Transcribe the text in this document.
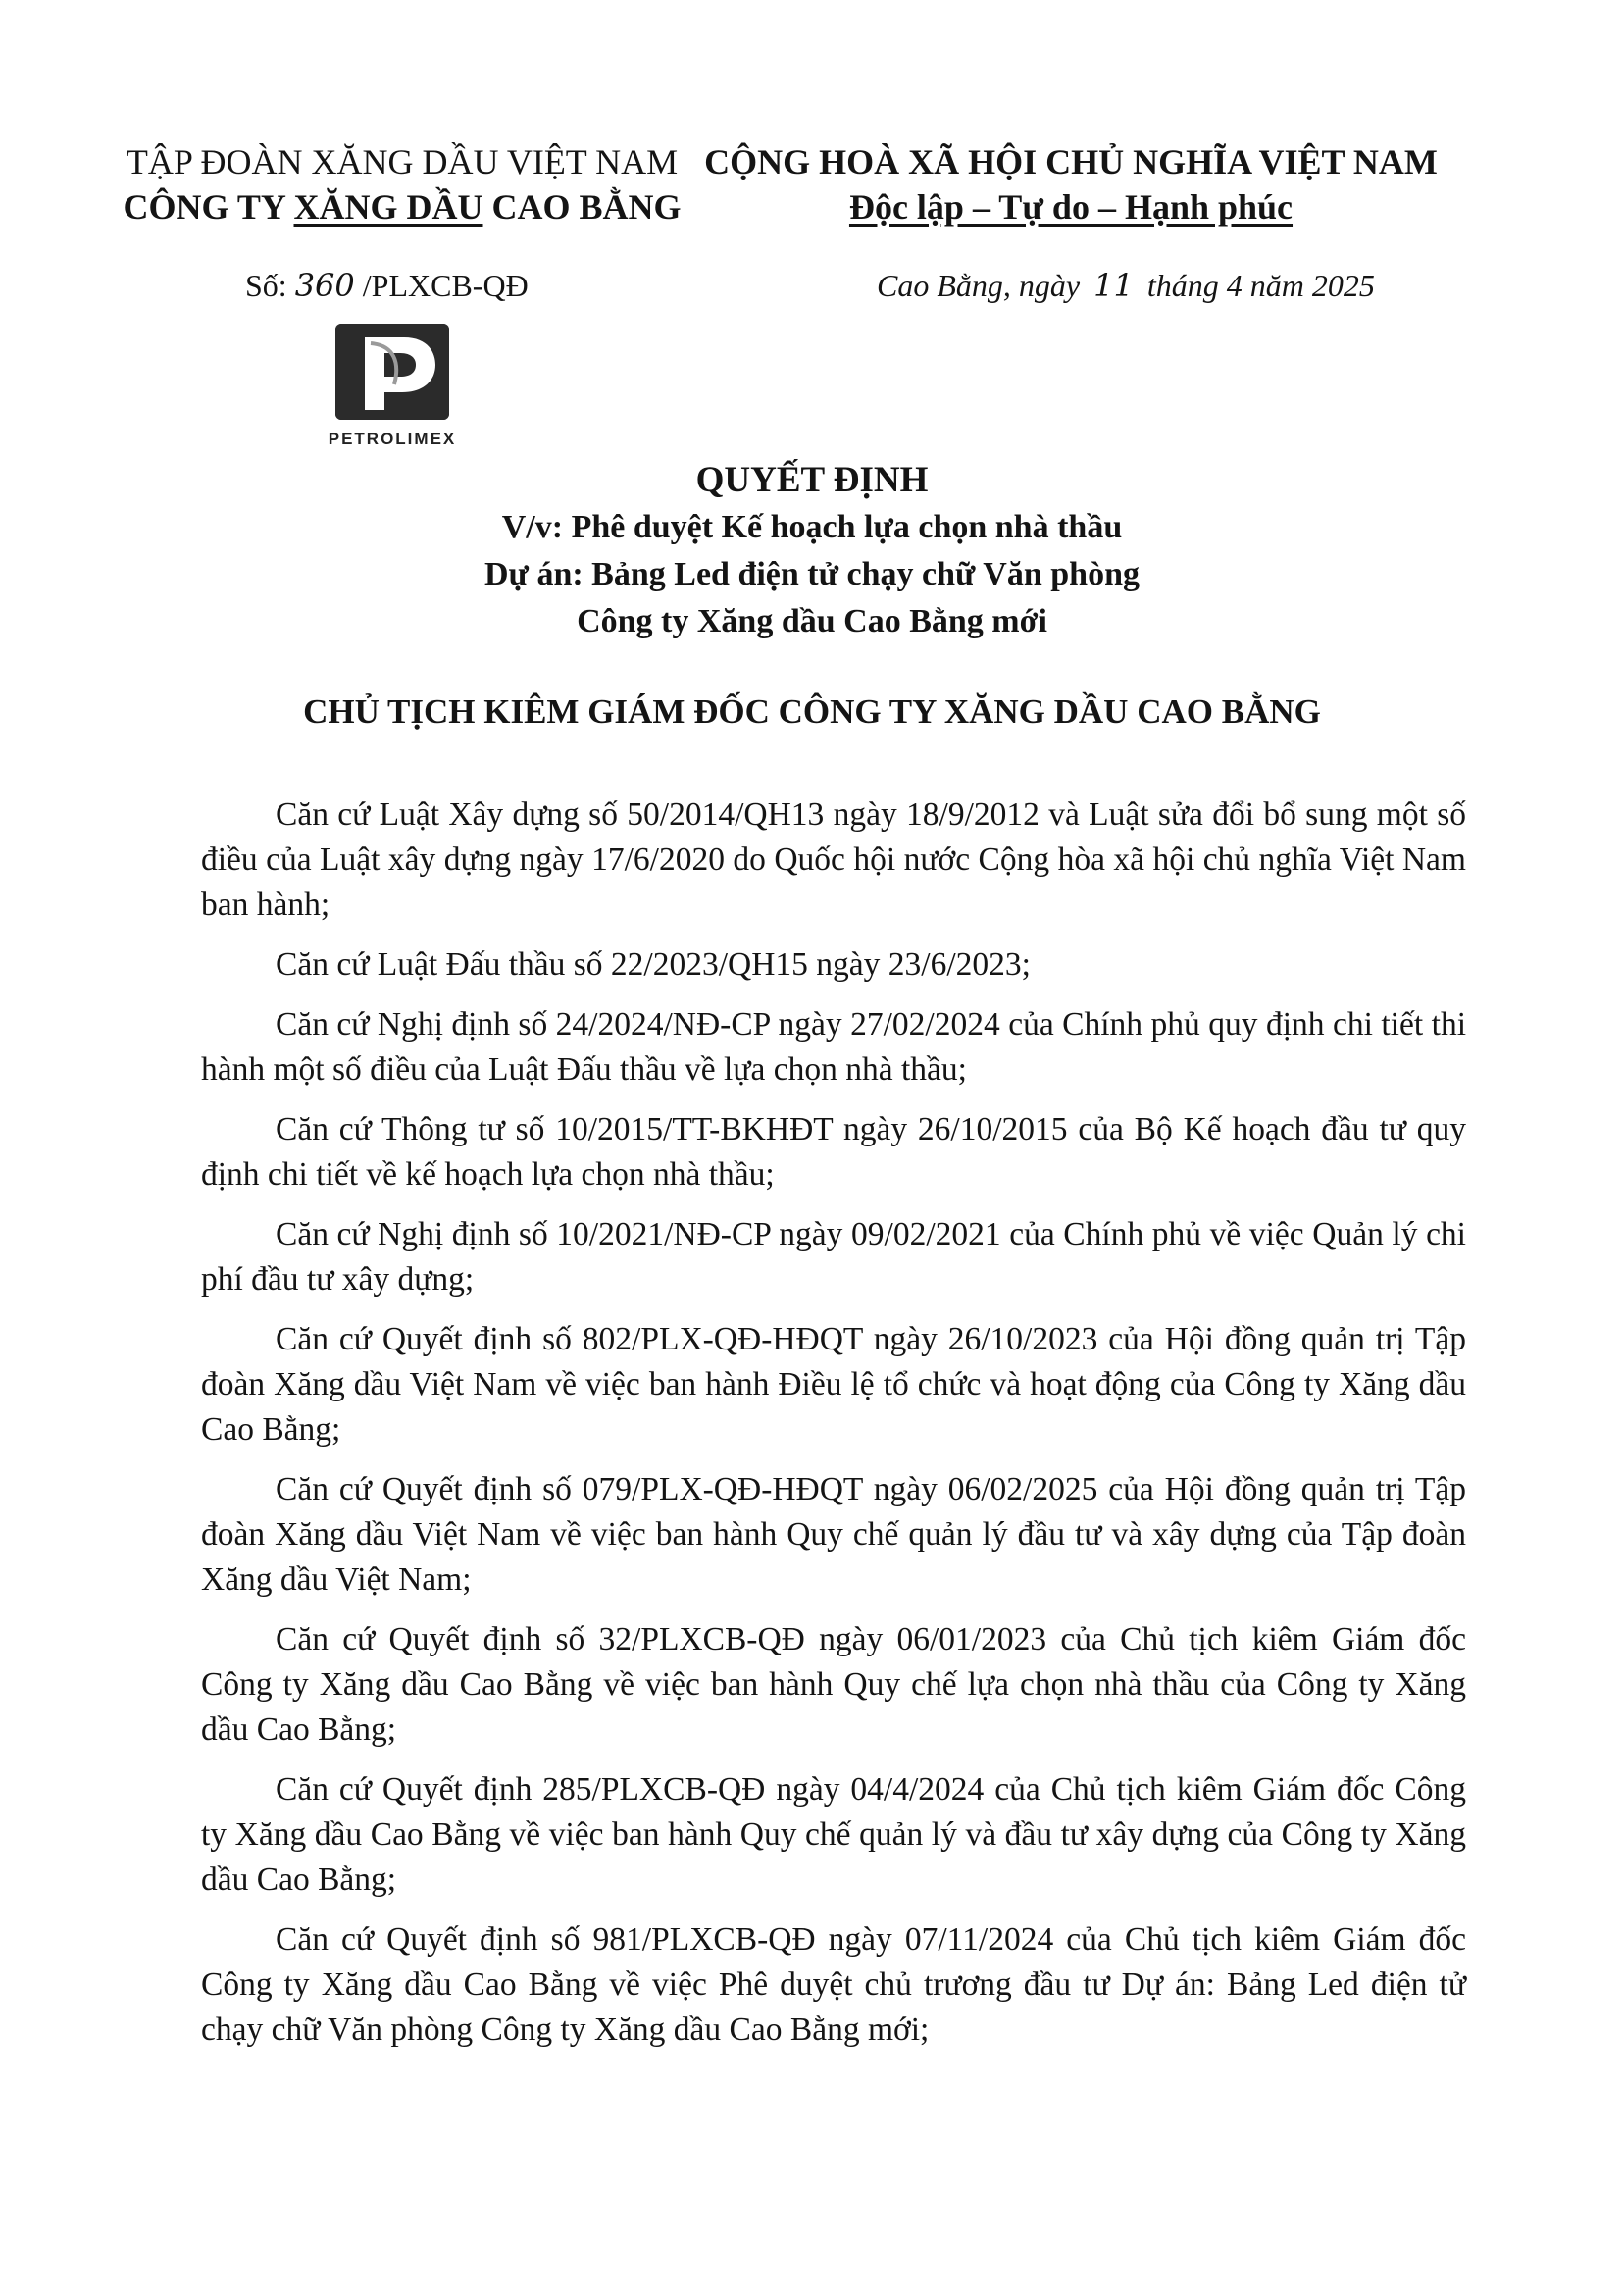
TẬP ĐOÀN XĂNG DẦU VIỆT NAM
CÔNG TY XĂNG DẦU CAO BẰNG
CỘNG HOÀ XÃ HỘI CHỦ NGHĨA VIỆT NAM
Độc lập – Tự do – Hạnh phúc
Số: 360 /PLXCB-QĐ	Cao Bằng, ngày 11 tháng 4 năm 2025
PETROLIMEX
QUYẾT ĐỊNH
V/v: Phê duyệt Kế hoạch lựa chọn nhà thầu
Dự án: Bảng Led điện tử chạy chữ Văn phòng
Công ty Xăng dầu Cao Bằng mới
CHỦ TỊCH KIÊM GIÁM ĐỐC CÔNG TY XĂNG DẦU CAO BẰNG

Căn cứ Luật Xây dựng số 50/2014/QH13 ngày 18/9/2012 và Luật sửa đổi bổ sung một số điều của Luật xây dựng ngày 17/6/2020 do Quốc hội nước Cộng hòa xã hội chủ nghĩa Việt Nam ban hành;

Căn cứ Luật Đấu thầu số 22/2023/QH15 ngày 23/6/2023;

Căn cứ Nghị định số 24/2024/NĐ-CP ngày 27/02/2024 của Chính phủ quy định chi tiết thi hành một số điều của Luật Đấu thầu về lựa chọn nhà thầu;

Căn cứ Thông tư số 10/2015/TT-BKHĐT ngày 26/10/2015 của Bộ Kế hoạch đầu tư quy định chi tiết về kế hoạch lựa chọn nhà thầu;

Căn cứ Nghị định số 10/2021/NĐ-CP ngày 09/02/2021 của Chính phủ về việc Quản lý chi phí đầu tư xây dựng;

Căn cứ Quyết định số 802/PLX-QĐ-HĐQT ngày 26/10/2023 của Hội đồng quản trị Tập đoàn Xăng dầu Việt Nam về việc ban hành Điều lệ tổ chức và hoạt động của Công ty Xăng dầu Cao Bằng;

Căn cứ Quyết định số 079/PLX-QĐ-HĐQT ngày 06/02/2025 của Hội đồng quản trị Tập đoàn Xăng dầu Việt Nam về việc ban hành Quy chế quản lý đầu tư và xây dựng của Tập đoàn Xăng dầu Việt Nam;

Căn cứ Quyết định số 32/PLXCB-QĐ ngày 06/01/2023 của Chủ tịch kiêm Giám đốc Công ty Xăng dầu Cao Bằng về việc ban hành Quy chế lựa chọn nhà thầu của Công ty Xăng dầu Cao Bằng;

Căn cứ Quyết định 285/PLXCB-QĐ ngày 04/4/2024 của Chủ tịch kiêm Giám đốc Công ty Xăng dầu Cao Bằng về việc ban hành Quy chế quản lý và đầu tư xây dựng của Công ty Xăng dầu Cao Bằng;

Căn cứ Quyết định số 981/PLXCB-QĐ ngày 07/11/2024 của Chủ tịch kiêm Giám đốc Công ty Xăng dầu Cao Bằng về việc Phê duyệt chủ trương đầu tư Dự án: Bảng Led điện tử chạy chữ Văn phòng Công ty Xăng dầu Cao Bằng mới;
